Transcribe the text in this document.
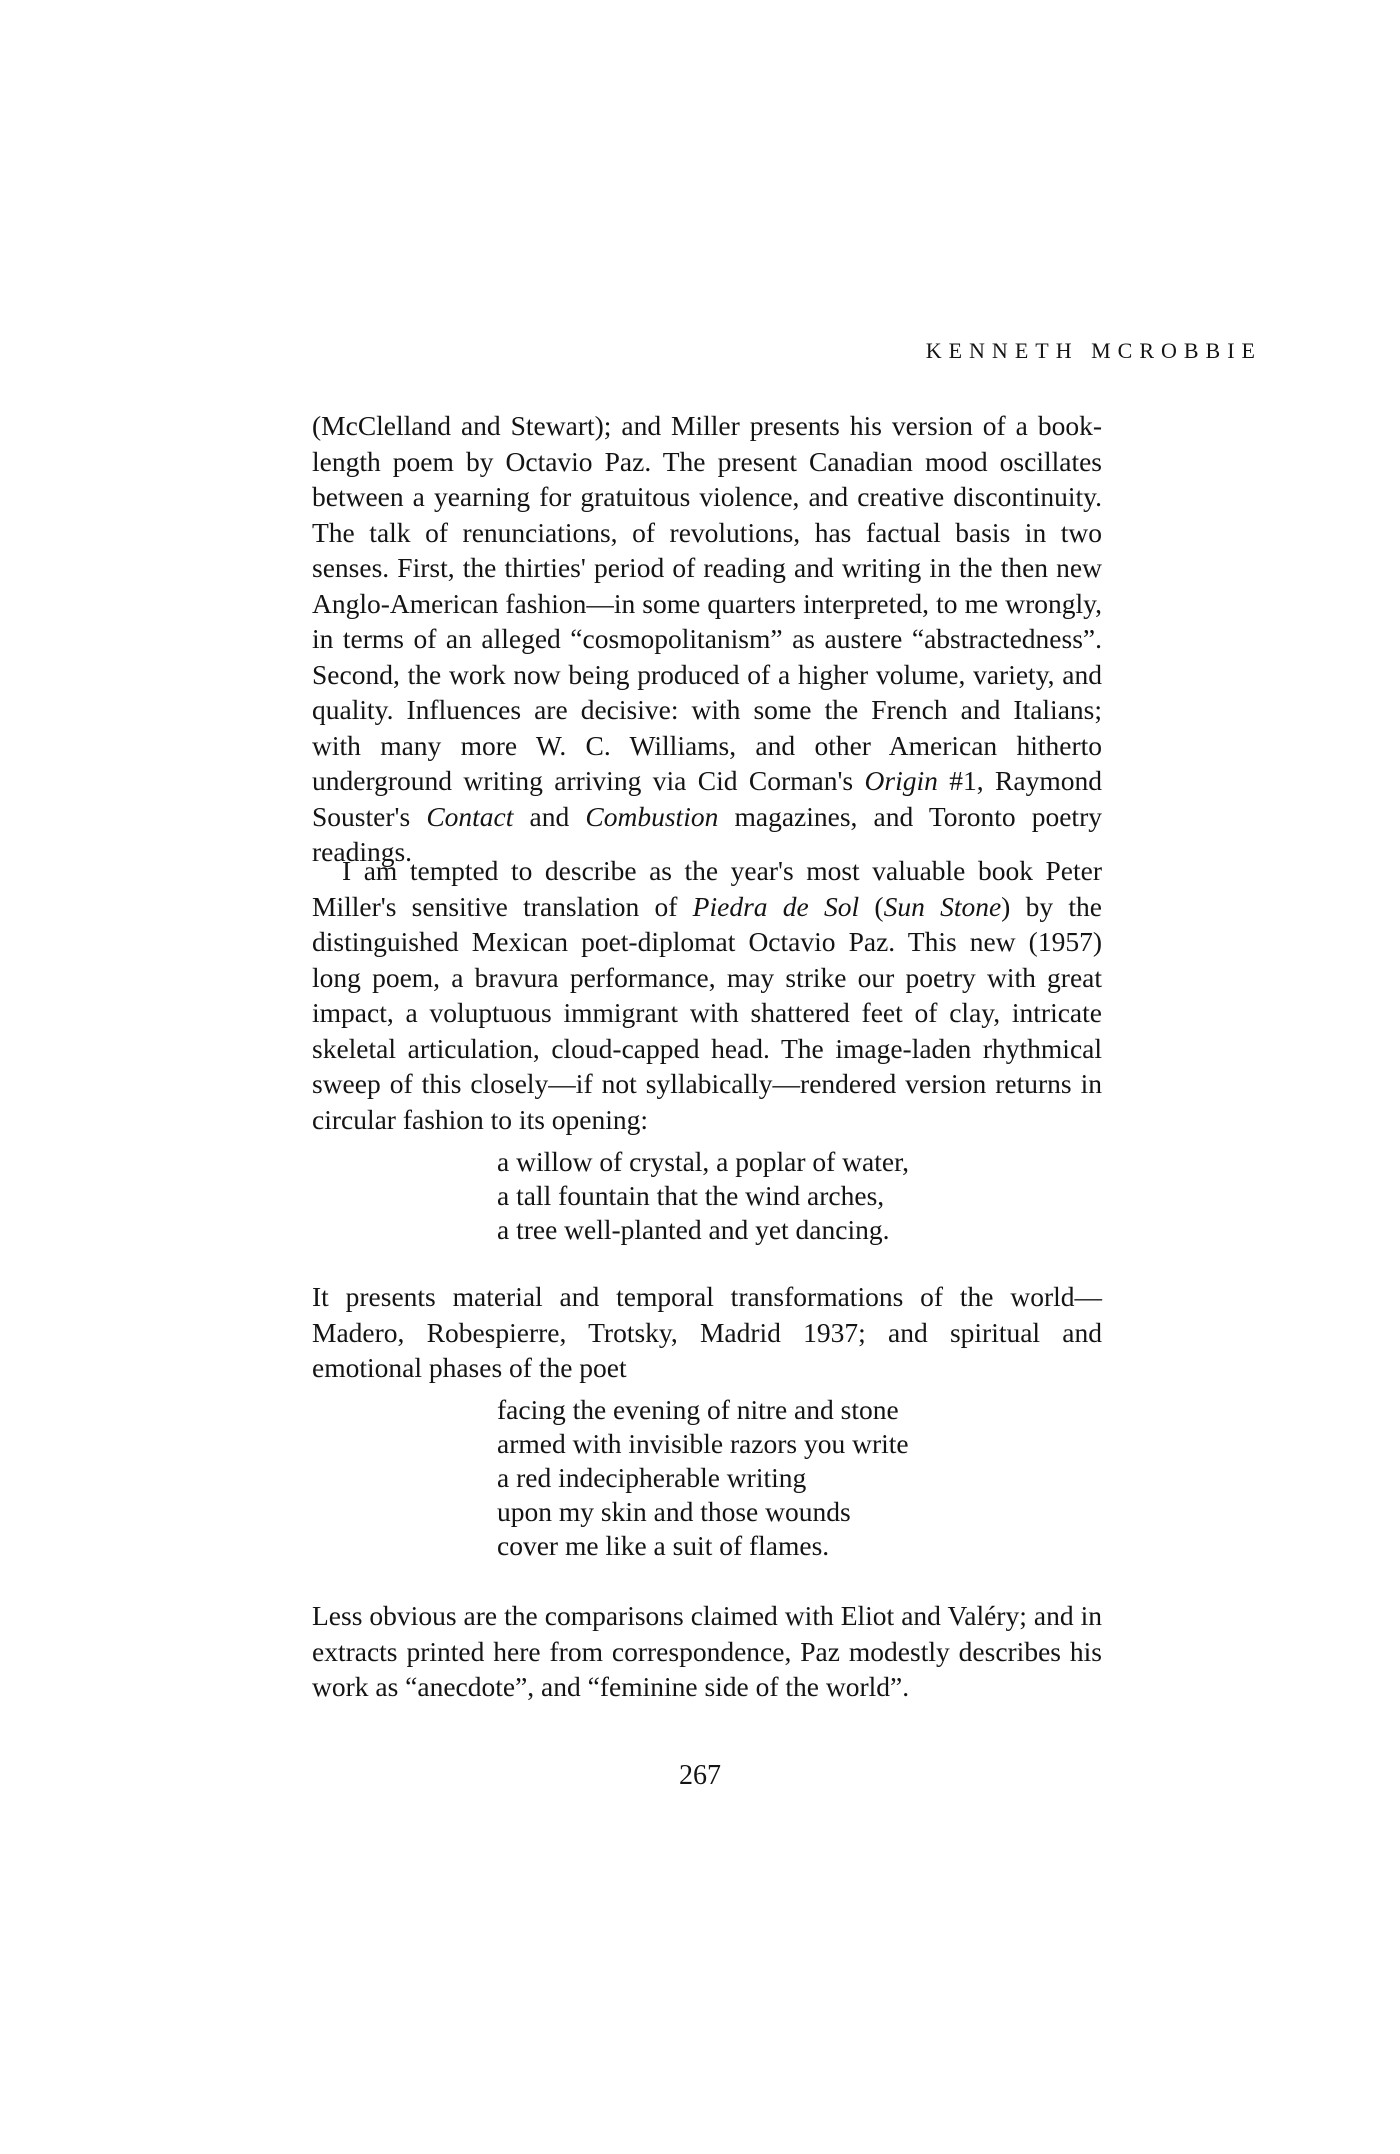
KENNETH MCROBBIE

(McClelland and Stewart); and Miller presents his version of a book-length poem by Octavio Paz. The present Canadian mood oscillates between a yearning for gratuitous violence, and creative discontinuity. The talk of renunciations, of revolutions, has factual basis in two senses. First, the thirties' period of reading and writing in the then new Anglo-American fashion—in some quarters interpreted, to me wrongly, in terms of an alleged “cosmopolitanism” as austere “abstractedness”. Second, the work now being produced of a higher volume, variety, and quality. Influences are decisive: with some the French and Italians; with many more W. C. Williams, and other American hitherto underground writing arriving via Cid Corman's Origin #1, Raymond Souster's Contact and Combustion magazines, and Toronto poetry readings.

I am tempted to describe as the year's most valuable book Peter Miller's sensitive translation of Piedra de Sol (Sun Stone) by the distinguished Mexican poet-diplomat Octavio Paz. This new (1957) long poem, a bravura performance, may strike our poetry with great impact, a voluptuous immigrant with shattered feet of clay, intricate skeletal articulation, cloud-capped head. The image-laden rhythmical sweep of this closely—if not syllabically—rendered version returns in circular fashion to its opening:

a willow of crystal, a poplar of water,
a tall fountain that the wind arches,
a tree well-planted and yet dancing.

It presents material and temporal transformations of the world—Madero, Robespierre, Trotsky, Madrid 1937; and spiritual and emotional phases of the poet

facing the evening of nitre and stone
armed with invisible razors you write
a red indecipherable writing
upon my skin and those wounds
cover me like a suit of flames.

Less obvious are the comparisons claimed with Eliot and Valéry; and in extracts printed here from correspondence, Paz modestly describes his work as “anecdote”, and “feminine side of the world”.

267
